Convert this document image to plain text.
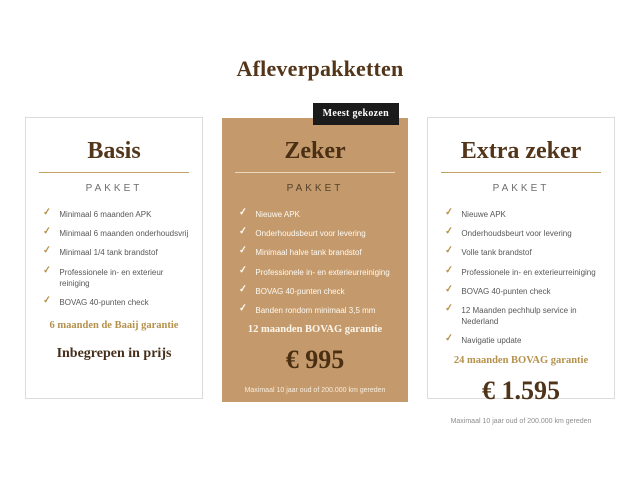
Afleverpakketten
Basis
PAKKET
✓ Minimaal 6 maanden APK
✓ Minimaal 6 maanden onderhoudsvrij
✓ Minimaal 1/4 tank brandstof
✓ Professionele in- en exterieur reiniging
✓ BOVAG 40-punten check
6 maanden de Baaij garantie
Inbegrepen in prijs
Meest gekozen
Zeker
PAKKET
✓ Nieuwe APK
✓ Onderhoudsbeurt voor levering
✓ Minimaal halve tank brandstof
✓ Professionele in- en exterieurreiniging
✓ BOVAG 40-punten check
✓ Banden rondom minimaal 3,5 mm
12 maanden BOVAG garantie
€ 995
Maximaal 10 jaar oud of 200.000 km gereden
Extra zeker
PAKKET
✓ Nieuwe APK
✓ Onderhoudsbeurt voor levering
✓ Volle tank brandstof
✓ Professionele in- en exterieurreiniging
✓ BOVAG 40-punten check
✓ 12 Maanden pechhulp service in Nederland
✓ Navigatie update
24 maanden BOVAG garantie
€ 1.595
Maximaal 10 jaar oud of 200.000 km gereden
